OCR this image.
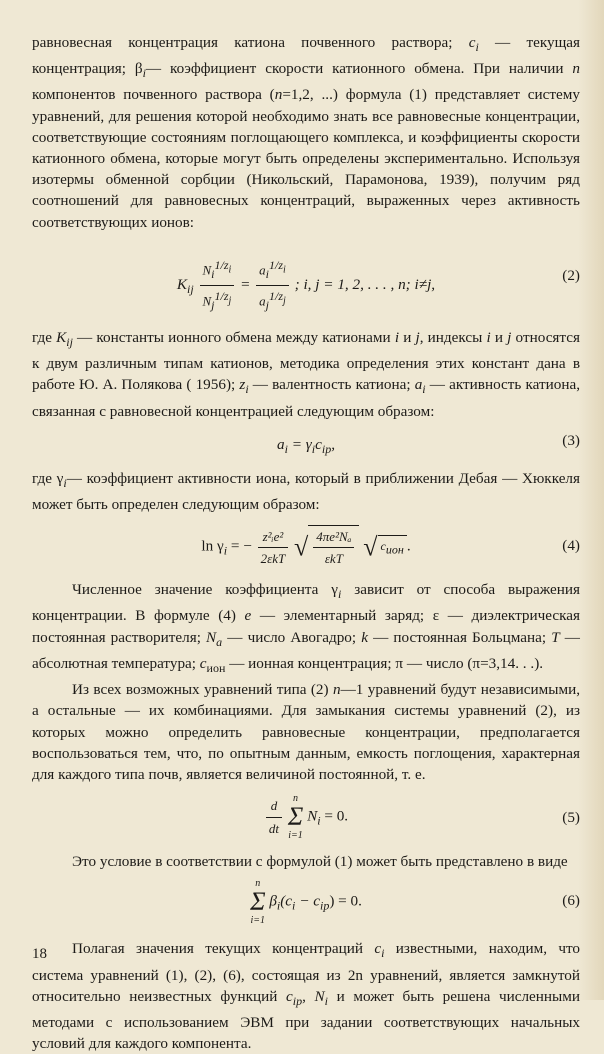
равновесная концентрация катиона почвенного раствора; $c_i$ — текущая концентрация; $\beta_i—$ коэффициент скорости катионного обмена. При наличии n компонентов почвенного раствора (n=1,2, ...) формула (1) представляет систему уравнений, для решения которой необходимо знать все равновесные концентрации, соответствующие состояниям поглощающего комплекса, и коэффициенты скорости катионного обмена, которые могут быть определены экспериментально. Используя изотермы обменной сорбции (Никольский, Парамонова, 1939), получим ряд соотношений для равновесных концентраций, выраженных через активность соответствующих ионов:

$K_{ij} \frac{N_i^{1/z_i}}{N_j^{1/z_j}} = \frac{a_i^{1/z_i}}{a_j^{1/z_j}}$ ; i, j = 1, 2, . . . , n; i≠j,
(2)

где $K_{ij}$ — константы ионного обмена между катионами i и j, индексы i и j относятся к двум различным типам катионов, методика определения этих констант дана в работе Ю. А. Полякова ( 1956); $z_i$ — валентность катиона; $a_i$ — активность катиона, связанная с равновесной концентрацией следующим образом:

$a_i = \gamma_ic_{ip}$,	(3)

где $\gamma_i—$ коэффициент активности иона, который в приближении Дебая — Хюккеля может быть определен следующим образом:

$\ln \gamma_i$ = − $\frac{\text{z²ᵢe²}}{\text{2εkT}}$ √ $\frac{\text{4πe²Nₐ}}{\text{εkT}}$ √ $c_{ион}$ .	(4)

Численное значение коэффициента $\gamma_i$ зависит от способа выражения концентрации. В формуле (4) e — элементарный заряд; ε — диэлектрическая постоянная растворителя; $N_a$ — число Авогадро; k — постоянная Больцмана; T — абсолютная температура; $c_{ион}$ — ионная концентрация; π — число (π=3,14. . .).

Из всех возможных уравнений типа (2) n—1 уравнений будут независимыми, а остальные — их комбинациями. Для замыкания системы уравнений (2), из которых можно определить равновесные концентрации, предполагается воспользоваться тем, что, по опытным данным, емкость поглощения, характерная для каждого типа почв, является величиной постоянной, т. е.

$\frac{d}{dt}$
	n
Σ
i=1
$N_i = 0$.	(5)

Это условие в соответствии с формулой (1) может быть представлено в виде

n
Σ
i=1
$\beta_i(c_i - c_{ip}) = 0$.	(6)

Полагая значения текущих концентраций $c_i$ известными, находим, что система уравнений (1), (2), (6), состоящая из 2n уравнений, является замкнутой относительно неизвестных функций $c_{ip}$, $N_i$ и может быть решена численными методами с использованием ЭВМ при задании соответствующих начальных условий для каждого компонента.

18
